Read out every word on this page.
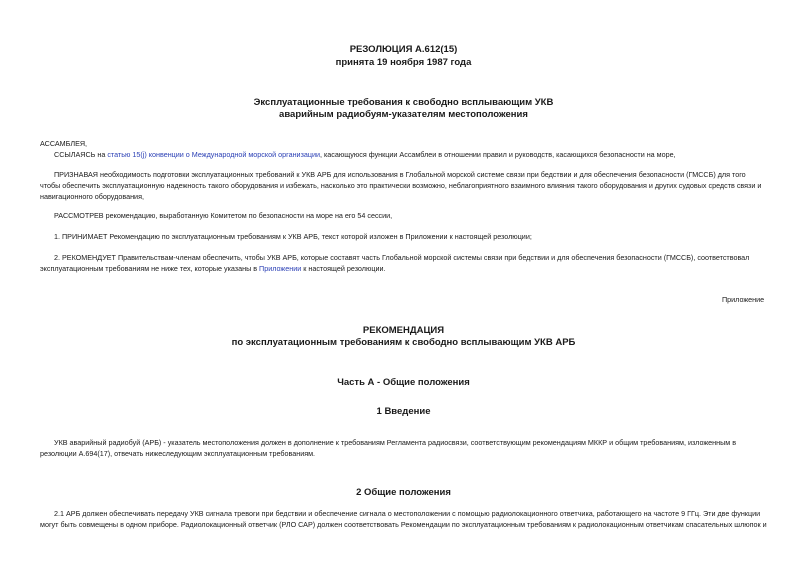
РЕЗОЛЮЦИЯ А.612(15)
принята 19 ноября 1987 года
Эксплуатационные требования к свободно всплывающим УКВ
аварийным радиобуям-указателям местоположения
АССАМБЛЕЯ,
ССЫЛАЯСЬ на статью 15(j) конвенции о Международной морской организации, касающуюся функции Ассамблеи в отношении правил и руководств, касающихся безопасности на море,
ПРИЗНАВАЯ необходимость подготовки эксплуатационных требований к УКВ АРБ для использования в Глобальной морской системе связи при бедствии и для обеспечения безопасности (ГМССБ) для того
чтобы обеспечить эксплуатационную надежность такого оборудования и избежать, насколько это практически возможно, неблагоприятного взаимного влияния такого оборудования и других судовых средств связи и
навигационного оборудования,
РАССМОТРЕВ рекомендацию, выработанную Комитетом по безопасности на море на его 54 сессии,
1. ПРИНИМАЕТ Рекомендацию по эксплуатационным требованиям к УКВ АРБ, текст которой изложен в Приложении к настоящей резолюции;
2. РЕКОМЕНДУЕТ Правительствам-членам обеспечить, чтобы УКВ АРБ, которые составят часть Глобальной морской системы связи при бедствии и для обеспечения безопасности (ГМССБ), соответствовал
эксплуатационным требованиям не ниже тех, которые указаны в Приложении к настоящей резолюции.
Приложение
РЕКОМЕНДАЦИЯ
по эксплуатационным требованиям к свободно всплывающим УКВ АРБ
Часть А - Общие положения
1 Введение
УКВ аварийный радиобуй (АРБ) - указатель местоположения должен в дополнение к требованиям Регламента радиосвязи, соответствующим рекомендациям МККР и общим требованиям, изложенным в
резолюции А.694(17), отвечать нижеследующим эксплуатационным требованиям.
2 Общие положения
2.1 АРБ должен обеспечивать передачу УКВ сигнала тревоги при бедствии и обеспечение сигнала о местоположении с помощью радиолокационного ответчика, работающего на частоте 9 ГГц. Эти две функции
могут быть совмещены в одном приборе. Радиолокационный ответчик (РЛО САР) должен соответствовать Рекомендации по эксплуатационным требованиям к радиолокационным ответчикам спасательных шлюпок и
